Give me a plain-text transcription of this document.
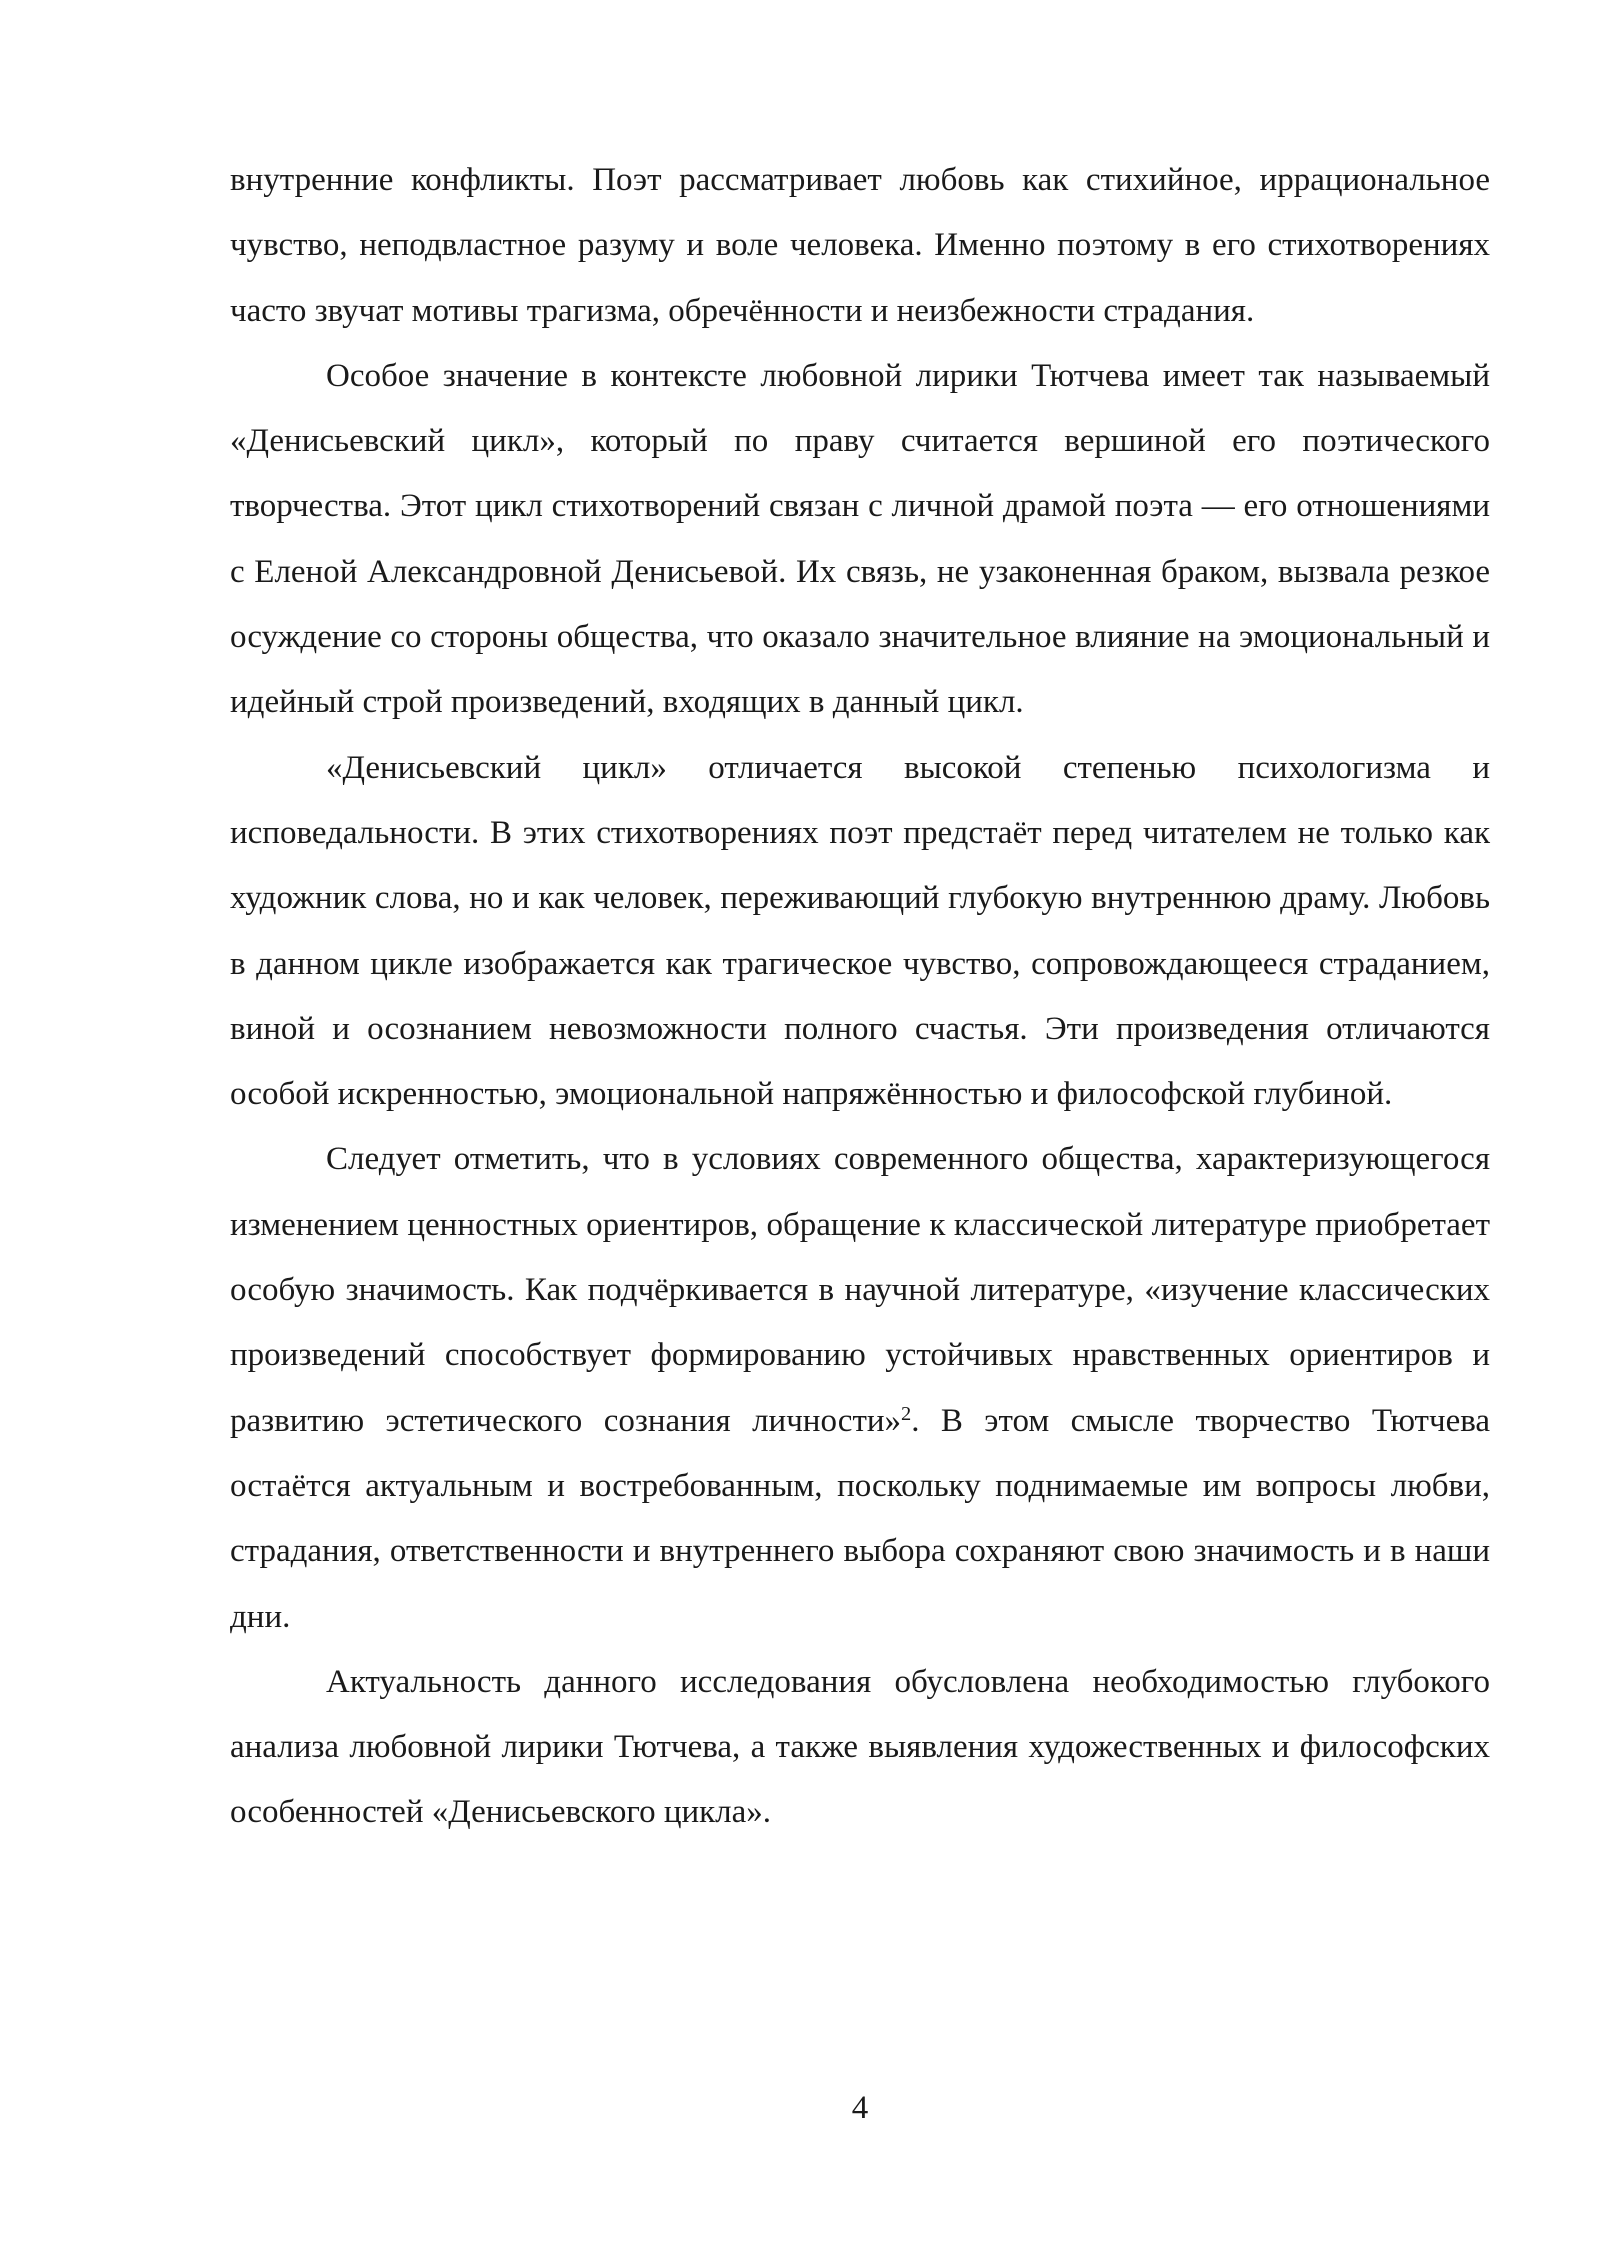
внутренние конфликты. Поэт рассматривает любовь как стихийное, иррациональное чувство, неподвластное разуму и воле человека. Именно поэтому в его стихотворениях часто звучат мотивы трагизма, обречённости и неизбежности страдания.

Особое значение в контексте любовной лирики Тютчева имеет так называемый «Денисьевский цикл», который по праву считается вершиной его поэтического творчества. Этот цикл стихотворений связан с личной драмой поэта — его отношениями с Еленой Александровной Денисьевой. Их связь, не узаконенная браком, вызвала резкое осуждение со стороны общества, что оказало значительное влияние на эмоциональный и идейный строй произведений, входящих в данный цикл.

«Денисьевский цикл» отличается высокой степенью психологизма и исповедальности. В этих стихотворениях поэт предстаёт перед читателем не только как художник слова, но и как человек, переживающий глубокую внутреннюю драму. Любовь в данном цикле изображается как трагическое чувство, сопровождающееся страданием, виной и осознанием невозможности полного счастья. Эти произведения отличаются особой искренностью, эмоциональной напряжённостью и философской глубиной.

Следует отметить, что в условиях современного общества, характеризующегося изменением ценностных ориентиров, обращение к классической литературе приобретает особую значимость. Как подчёркивается в научной литературе, «изучение классических произведений способствует формированию устойчивых нравственных ориентиров и развитию эстетического сознания личности»$^2$. В этом смысле творчество Тютчева остаётся актуальным и востребованным, поскольку поднимаемые им вопросы любви, страдания, ответственности и внутреннего выбора сохраняют свою значимость и в наши дни.

Актуальность данного исследования обусловлена необходимостью глубокого анализа любовной лирики Тютчева, а также выявления художественных и философских особенностей «Денисьевского цикла».

4
